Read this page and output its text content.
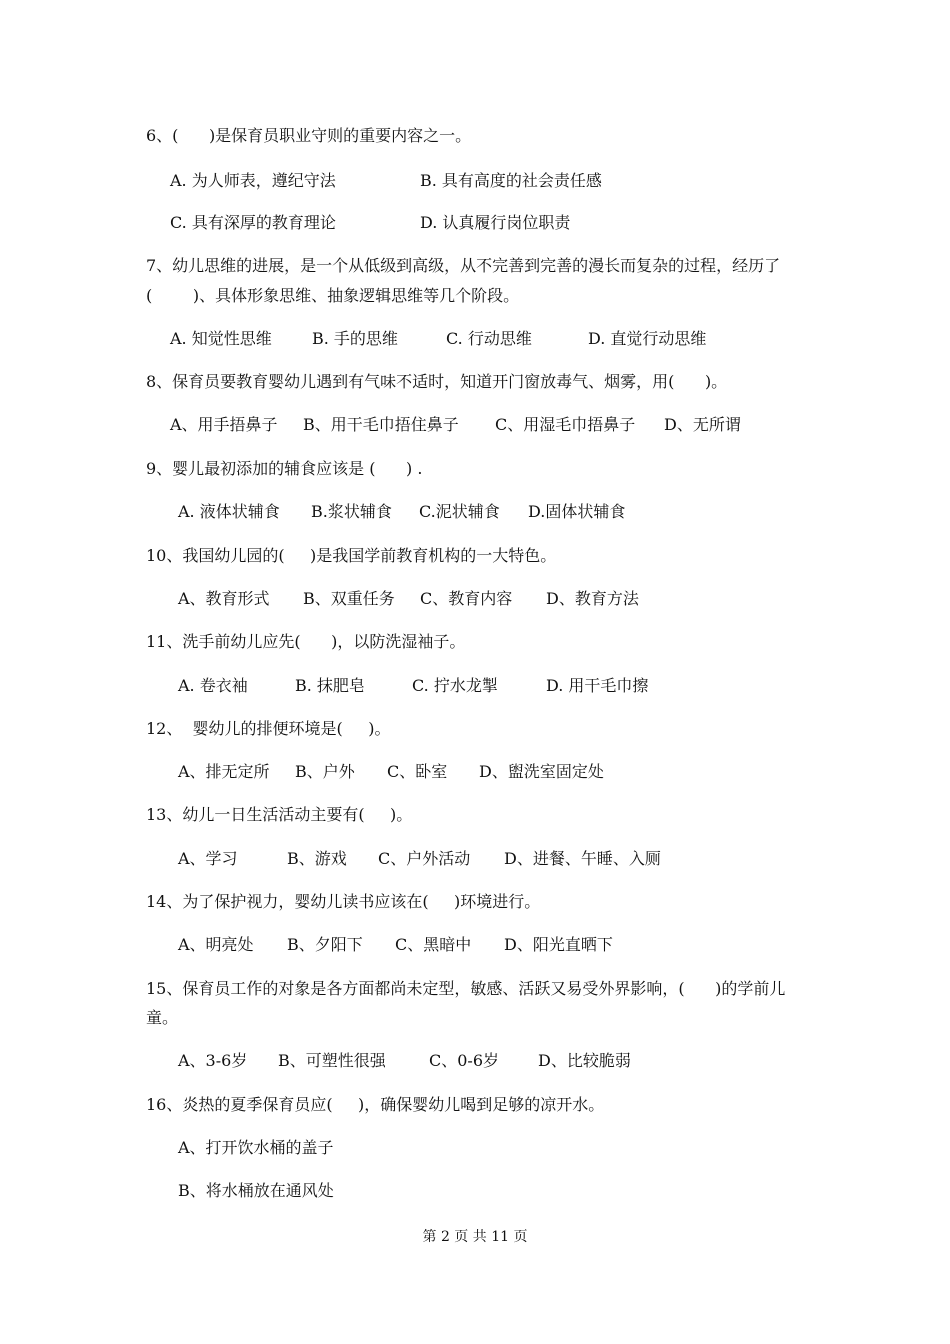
6、(      )是保育员职业守则的重要内容之一。
A. 为人师表，遵纪守法	B. 具有高度的社会责任感
C. 具有深厚的教育理论	D. 认真履行岗位职责
7、幼儿思维的进展，是一个从低级到高级，从不完善到完善的漫长而复杂的过程，经历了
(        )、具体形象思维、抽象逻辑思维等几个阶段。
A. 知觉性思维	B. 手的思维	C. 行动思维	D. 直觉行动思维
8、保育员要教育婴幼儿遇到有气味不适时，知道开门窗放毒气、烟雾，用(      )。
A、用手捂鼻子 B、用干毛巾捂住鼻子 C、用湿毛巾捂鼻子 D、无所谓
9、婴儿最初添加的辅食应该是 (      ) .
A. 液体状辅食 B.浆状辅食 C.泥状辅食 D.固体状辅食
10、我国幼儿园的(     )是我国学前教育机构的一大特色。
A、教育形式 B、双重任务 C、教育内容 D、教育方法
11、洗手前幼儿应先(      )，以防洗湿袖子。
A. 卷衣袖	B. 抹肥皂	C. 拧水龙掣	D. 用干毛巾擦
12、  婴幼儿的排便环境是(     )。
A、排无定所 B、户外 C、卧室 D、盥洗室固定处
13、幼儿一日生活活动主要有(     )。
A、学习	B、游戏 C、户外活动 D、进餐、午睡、入厕
14、为了保护视力，婴幼儿读书应该在(     )环境进行。
A、明亮处 B、夕阳下 C、黑暗中 D、阳光直晒下
15、保育员工作的对象是各方面都尚未定型，敏感、活跃又易受外界影响，(      )的学前儿
童。
A、3-6岁 B、可塑性很强	C、0-6岁 D、比较脆弱
16、炎热的夏季保育员应(     )，确保婴幼儿喝到足够的凉开水。
A、打开饮水桶的盖子
B、将水桶放在通风处
第 2 页 共 11 页
